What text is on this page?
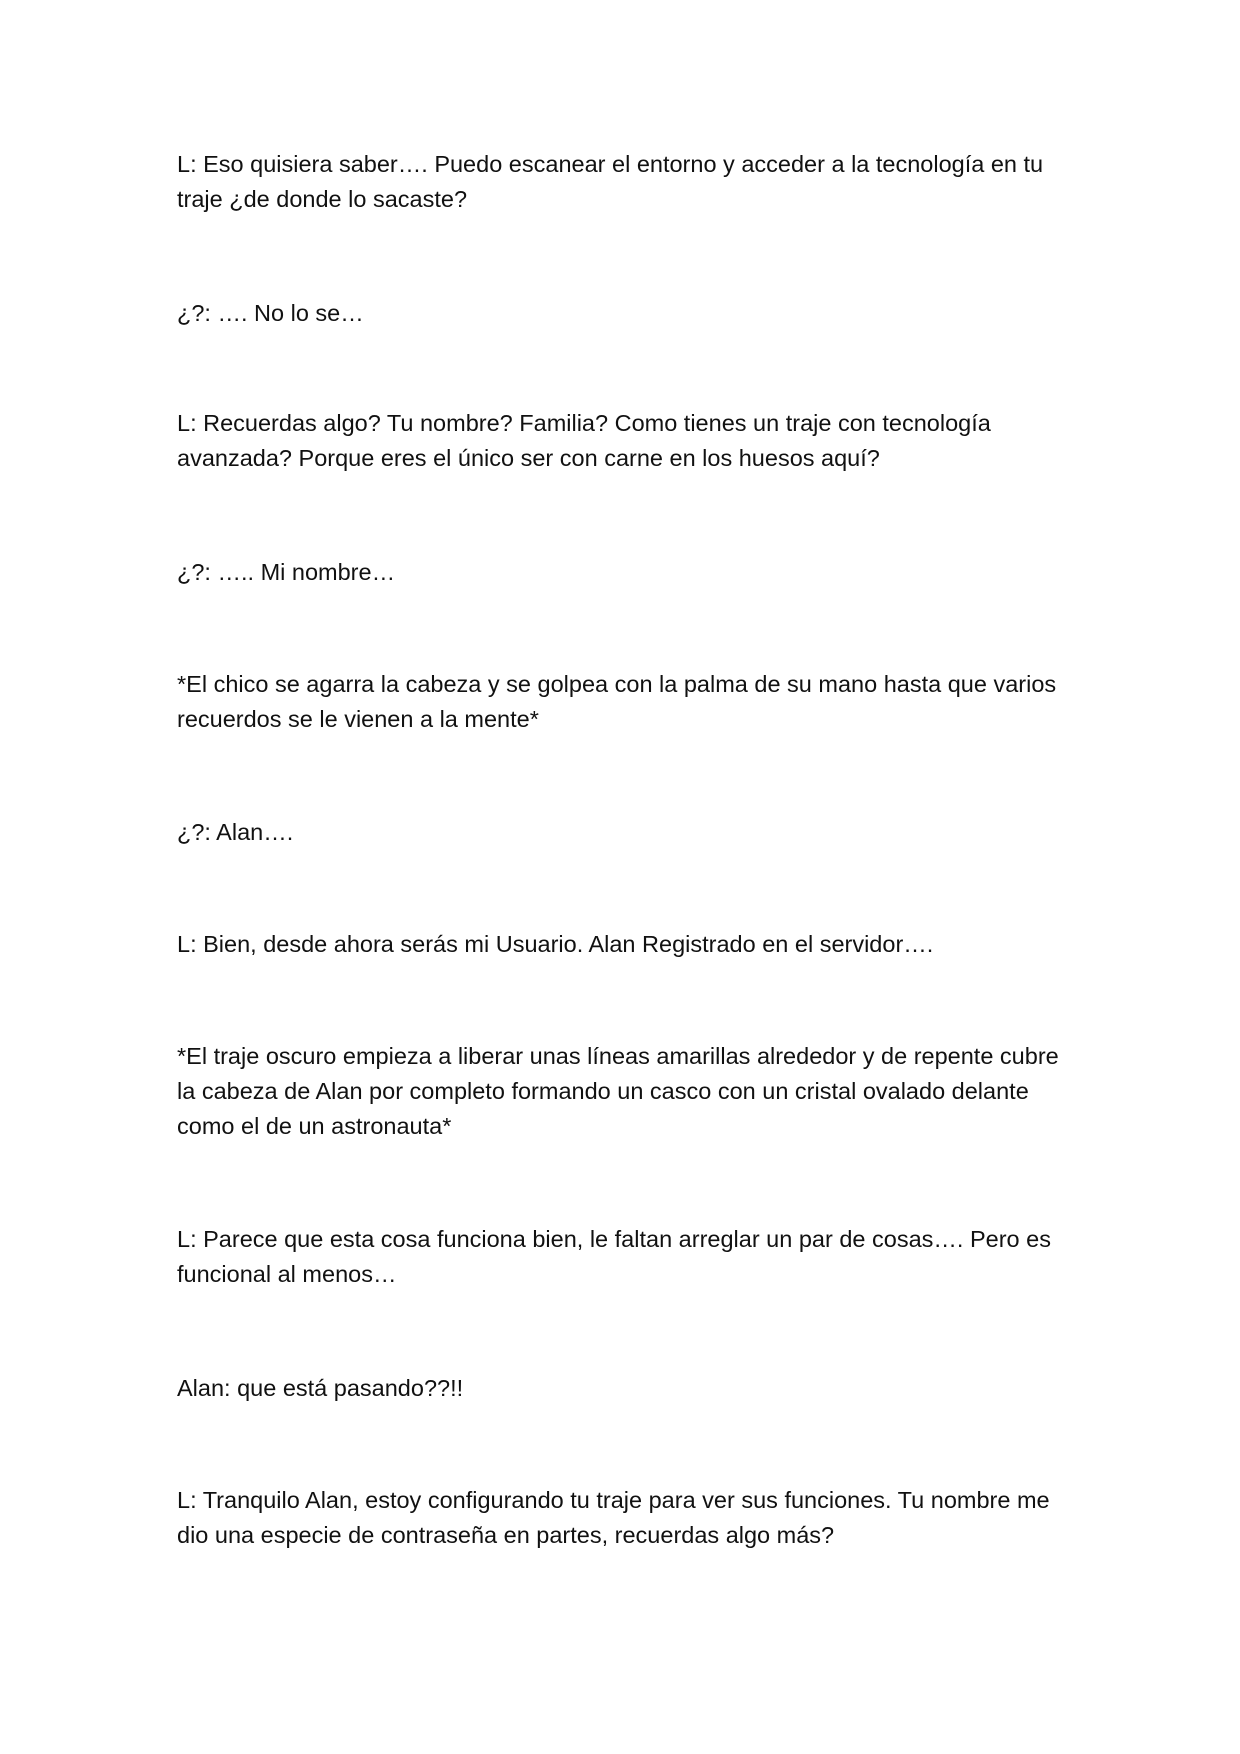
L: Eso quisiera saber…. Puedo escanear el entorno y acceder a la tecnología en tu traje ¿de donde lo sacaste?

¿?: …. No lo se…

L: Recuerdas algo? Tu nombre? Familia? Como tienes un traje con tecnología avanzada? Porque eres el único ser con carne en los huesos aquí?

¿?: ….. Mi nombre…

*El chico se agarra la cabeza y se golpea con la palma de su mano hasta que varios recuerdos se le vienen a la mente*

¿?: Alan….

L: Bien, desde ahora serás mi Usuario. Alan Registrado en el servidor….

*El traje oscuro empieza a liberar unas líneas amarillas alrededor y de repente cubre la cabeza de Alan por completo formando un casco con un cristal ovalado delante como el de un astronauta*

L: Parece que esta cosa funciona bien, le faltan arreglar un par de cosas…. Pero es funcional al menos…

Alan: que está pasando??!!

L: Tranquilo Alan, estoy configurando tu traje para ver sus funciones. Tu nombre me dio una especie de contraseña en partes, recuerdas algo más?
